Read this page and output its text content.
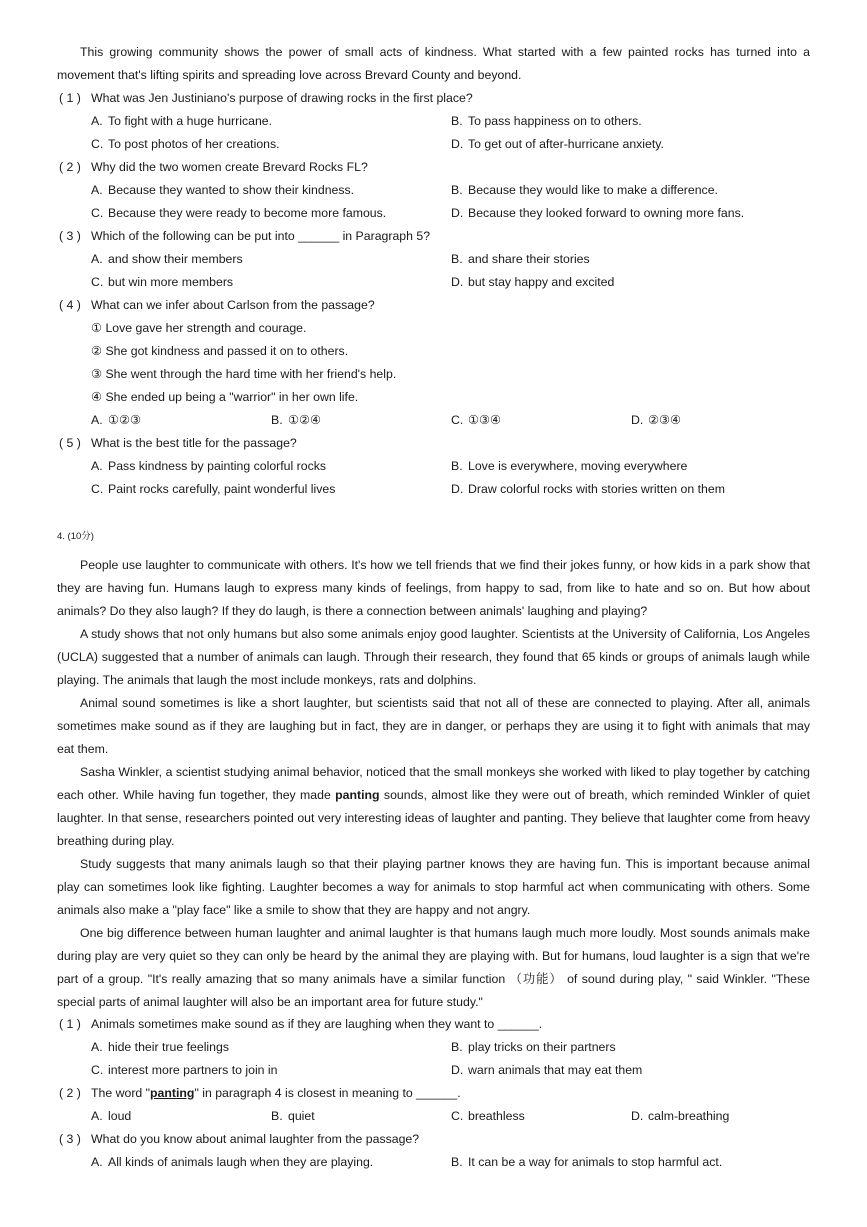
This growing community shows the power of small acts of kindness. What started with a few painted rocks has turned into a movement that's lifting spirits and spreading love across Brevard County and beyond.

( 1 ) What was Jen Justiniano's purpose of drawing rocks in the first place?
A. To fight with a huge hurricane.	B. To pass happiness on to others.
C. To post photos of her creations.	D. To get out of after-hurricane anxiety.
( 2 ) Why did the two women create Brevard Rocks FL?
A. Because they wanted to show their kindness.	B. Because they would like to make a difference.
C. Because they were ready to become more famous.	D. Because they looked forward to owning more fans.
( 3 ) Which of the following can be put into ______ in Paragraph 5?
A. and show their members	B. and share their stories
C. but win more members	D. but stay happy and excited
( 4 ) What can we infer about Carlson from the passage?
① Love gave her strength and courage.
② She got kindness and passed it on to others.
③ She went through the hard time with her friend's help.
④ She ended up being a "warrior" in her own life.
A. ①②③	B. ①②④	C. ①③④	D. ②③④
( 5 ) What is the best title for the passage?
A. Pass kindness by painting colorful rocks	B. Love is everywhere, moving everywhere
C. Paint rocks carefully, paint wonderful lives	D. Draw colorful rocks with stories written on them
4. (10分)

People use laughter to communicate with others. It's how we tell friends that we find their jokes funny, or how kids in a park show that they are having fun. Humans laugh to express many kinds of feelings, from happy to sad, from like to hate and so on. But how about animals? Do they also laugh? If they do laugh, is there a connection between animals' laughing and playing?

A study shows that not only humans but also some animals enjoy good laughter. Scientists at the University of California, Los Angeles (UCLA) suggested that a number of animals can laugh. Through their research, they found that 65 kinds or groups of animals laugh while playing. The animals that laugh the most include monkeys, rats and dolphins.

Animal sound sometimes is like a short laughter, but scientists said that not all of these are connected to playing. After all, animals sometimes make sound as if they are laughing but in fact, they are in danger, or perhaps they are using it to fight with animals that may eat them.

Sasha Winkler, a scientist studying animal behavior, noticed that the small monkeys she worked with liked to play together by catching each other. While having fun together, they made panting sounds, almost like they were out of breath, which reminded Winkler of quiet laughter. In that sense, researchers pointed out very interesting ideas of laughter and panting. They believe that laughter come from heavy breathing during play.

Study suggests that many animals laugh so that their playing partner knows they are having fun. This is important because animal play can sometimes look like fighting. Laughter becomes a way for animals to stop harmful act when communicating with others. Some animals also make a "play face" like a smile to show that they are happy and not angry.

One big difference between human laughter and animal laughter is that humans laugh much more loudly. Most sounds animals make during play are very quiet so they can only be heard by the animal they are playing with. But for humans, loud laughter is a sign that we're part of a group. "It's really amazing that so many animals have a similar function （功能） of sound during play, " said Winkler. "These special parts of animal laughter will also be an important area for future study."

( 1 ) Animals sometimes make sound as if they are laughing when they want to ______.
A. hide their true feelings	B. play tricks on their partners
C. interest more partners to join in	D. warn animals that may eat them
( 2 ) The word "panting" in paragraph 4 is closest in meaning to ______.
A. loud	B. quiet	C. breathless	D. calm-breathing
( 3 ) What do you know about animal laughter from the passage?
A. All kinds of animals laugh when they are playing.	B. It can be a way for animals to stop harmful act.
